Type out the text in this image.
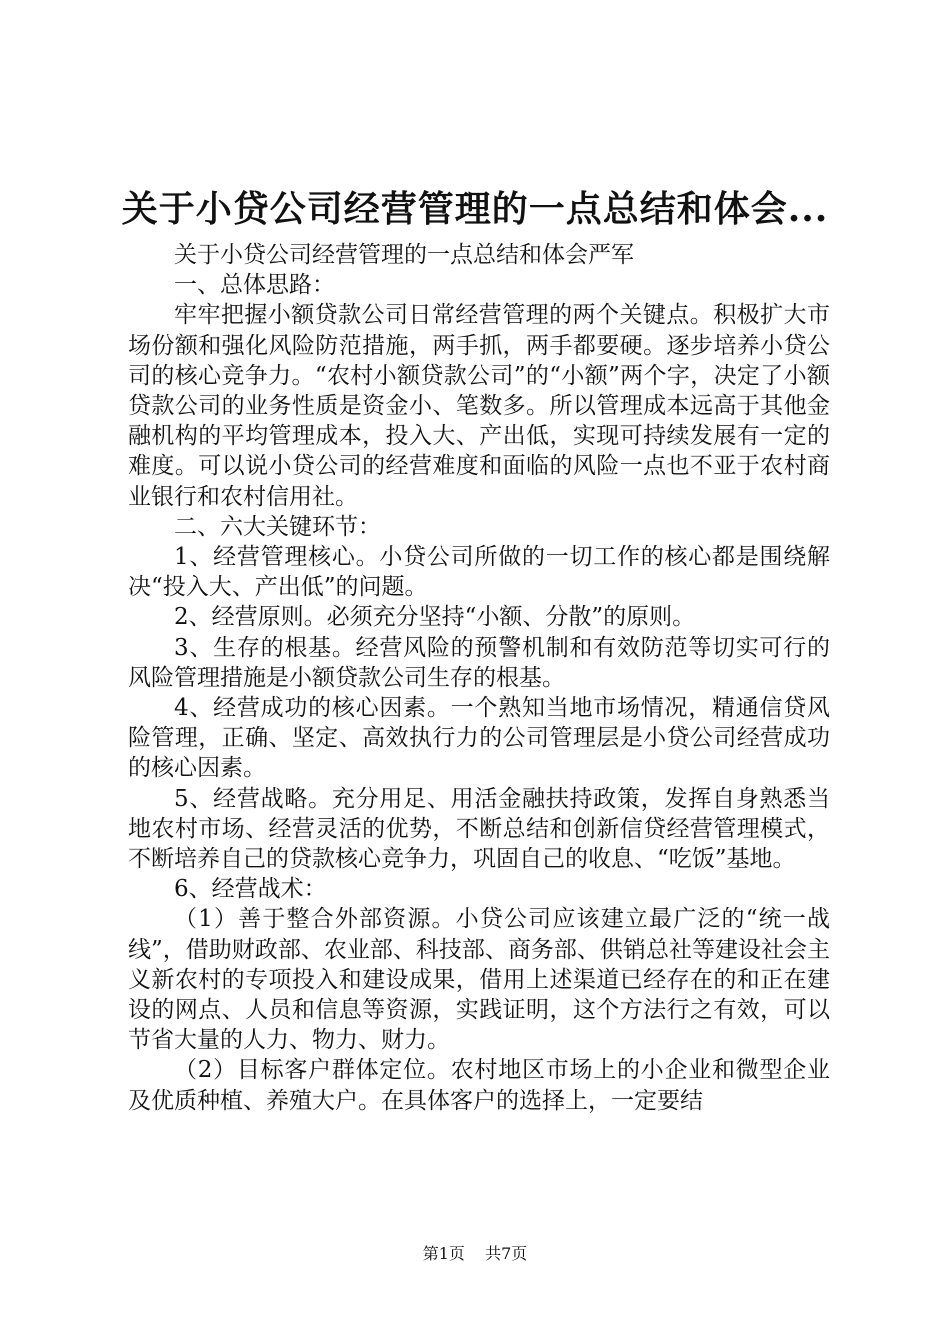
关于小贷公司经营管理的一点总结和体会...

关于小贷公司经营管理的一点总结和体会严军

一、总体思路：

牢牢把握小额贷款公司日常经营管理的两个关键点。积极扩大市场份额和强化风险防范措施，两手抓，两手都要硬。逐步培养小贷公司的核心竞争力。“农村小额贷款公司”的“小额”两个字，决定了小额贷款公司的业务性质是资金小、笔数多。所以管理成本远高于其他金融机构的平均管理成本，投入大、产出低，实现可持续发展有一定的难度。可以说小贷公司的经营难度和面临的风险一点也不亚于农村商业银行和农村信用社。

二、六大关键环节：

1、经营管理核心。小贷公司所做的一切工作的核心都是围绕解决“投入大、产出低”的问题。

2、经营原则。必须充分坚持“小额、分散”的原则。

3、生存的根基。经营风险的预警机制和有效防范等切实可行的风险管理措施是小额贷款公司生存的根基。

4、经营成功的核心因素。一个熟知当地市场情况，精通信贷风险管理，正确、坚定、高效执行力的公司管理层是小贷公司经营成功的核心因素。

5、经营战略。充分用足、用活金融扶持政策，发挥自身熟悉当地农村市场、经营灵活的优势，不断总结和创新信贷经营管理模式，不断培养自己的贷款核心竞争力，巩固自己的收息、“吃饭”基地。

6、经营战术：

（1）善于整合外部资源。小贷公司应该建立最广泛的“统一战线”，借助财政部、农业部、科技部、商务部、供销总社等建设社会主义新农村的专项投入和建设成果，借用上述渠道已经存在的和正在建设的网点、人员和信息等资源，实践证明，这个方法行之有效，可以节省大量的人力、物力、财力。

（2）目标客户群体定位。农村地区市场上的小企业和微型企业及优质种植、养殖大户。在具体客户的选择上，一定要结

第1页 共7页
